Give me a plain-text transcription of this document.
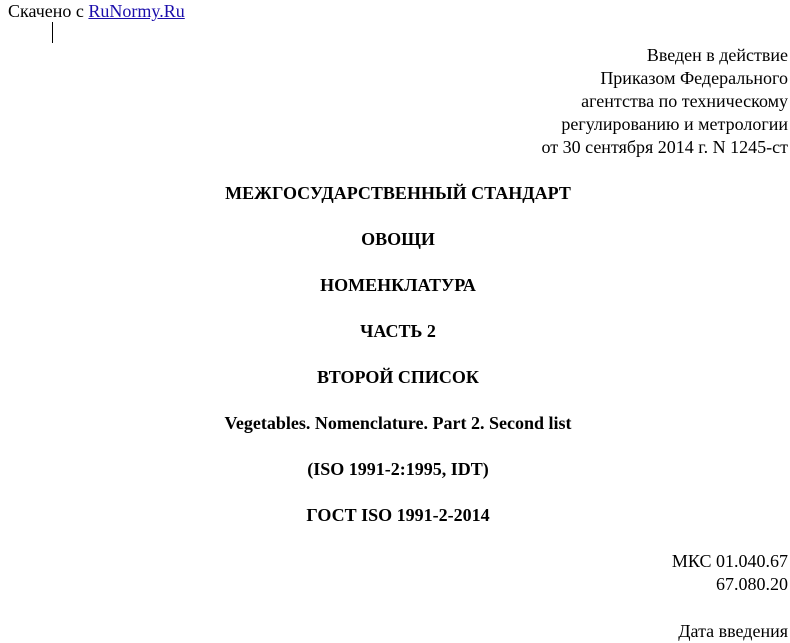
Скачено с RuNormy.Ru
Введен в действие
Приказом Федерального
агентства по техническому
регулированию и метрологии
от 30 сентября 2014 г. N 1245-ст
МЕЖГОСУДАРСТВЕННЫЙ СТАНДАРТ
ОВОЩИ
НОМЕНКЛАТУРА
ЧАСТЬ 2
ВТОРОЙ СПИСОК
Vegetables. Nomenclature. Part 2. Second list
(ISO 1991-2:1995, IDT)
ГОСТ ISO 1991-2-2014
МКС 01.040.67
67.080.20
Дата введения
